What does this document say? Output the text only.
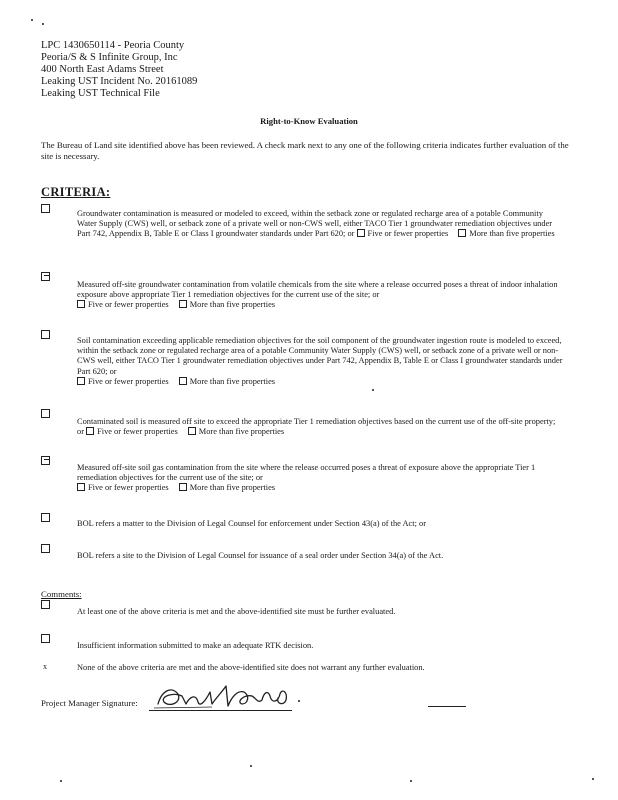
LPC 1430650114 - Peoria County
Peoria/S & S Infinite Group, Inc
400 North East Adams Street
Leaking UST Incident No. 20161089
Leaking UST Technical File
Right-to-Know Evaluation
The Bureau of Land site identified above has been reviewed. A check mark next to any one of the following criteria indicates further evaluation of the site is necessary.
CRITERIA:
Groundwater contamination is measured or modeled to exceed, within the setback zone or regulated recharge area of a potable Community Water Supply (CWS) well, or setback zone of a private well or non-CWS well, either TACO Tier 1 groundwater remediation objectives under Part 742, Appendix B, Table E or Class I groundwater standards under Part 620; or Five or fewer properties	More than five properties
Measured off-site groundwater contamination from volatile chemicals from the site where a release occurred poses a threat of indoor inhalation exposure above appropriate Tier 1 remediation objectives for the current use of the site; or
Five or fewer properties	More than five properties
Soil contamination exceeding applicable remediation objectives for the soil component of the groundwater ingestion route is modeled to exceed, within the setback zone or regulated recharge area of a potable Community Water Supply (CWS) well, or setback zone of a private well or non-CWS well, either TACO Tier 1 groundwater remediation objectives under Part 742, Appendix B, Table E or Class I groundwater standards under Part 620; or
Five or fewer properties	More than five properties
Contaminated soil is measured off site to exceed the appropriate Tier 1 remediation objectives based on the current use of the off-site property; or Five or fewer properties	More than five properties
Measured off-site soil gas contamination from the site where the release occurred poses a threat of exposure above the appropriate Tier 1 remediation objectives for the current use of the site; or
Five or fewer properties	More than five properties
BOL refers a matter to the Division of Legal Counsel for enforcement under Section 43(a) of the Act; or
BOL refers a site to the Division of Legal Counsel for issuance of a seal order under Section 34(a) of the Act.
Comments:
At least one of the above criteria is met and the above-identified site must be further evaluated.
Insufficient information submitted to make an adequate RTK decision.
x	None of the above criteria are met and the above-identified site does not warrant any further evaluation.
Project Manager Signature:
